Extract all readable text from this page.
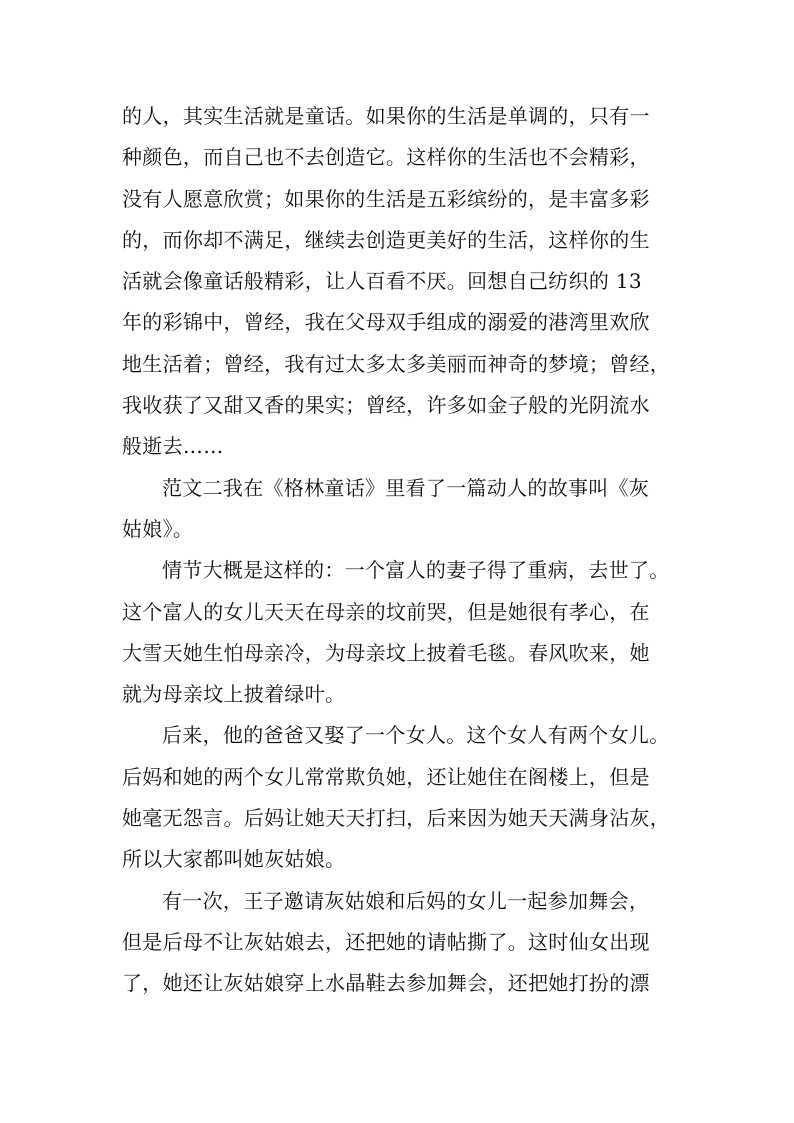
的人，其实生活就是童话。如果你的生活是单调的，只有一
种颜色，而自己也不去创造它。这样你的生活也不会精彩，
没有人愿意欣赏；如果你的生活是五彩缤纷的，是丰富多彩
的，而你却不满足，继续去创造更美好的生活，这样你的生
活就会像童话般精彩，让人百看不厌。回想自己纺织的 13
年的彩锦中，曾经，我在父母双手组成的溺爱的港湾里欢欣
地生活着；曾经，我有过太多太多美丽而神奇的梦境；曾经，
我收获了又甜又香的果实；曾经，许多如金子般的光阴流水
般逝去……
范文二我在《格林童话》里看了一篇动人的故事叫《灰
姑娘》。
情节大概是这样的：一个富人的妻子得了重病，去世了。
这个富人的女儿天天在母亲的坟前哭，但是她很有孝心，在
大雪天她生怕母亲冷，为母亲坟上披着毛毯。春风吹来，她
就为母亲坟上披着绿叶。
后来，他的爸爸又娶了一个女人。这个女人有两个女儿。
后妈和她的两个女儿常常欺负她，还让她住在阁楼上，但是
她毫无怨言。后妈让她天天打扫，后来因为她天天满身沾灰，
所以大家都叫她灰姑娘。
有一次，王子邀请灰姑娘和后妈的女儿一起参加舞会，
但是后母不让灰姑娘去，还把她的请帖撕了。这时仙女出现
了，她还让灰姑娘穿上水晶鞋去参加舞会，还把她打扮的漂
